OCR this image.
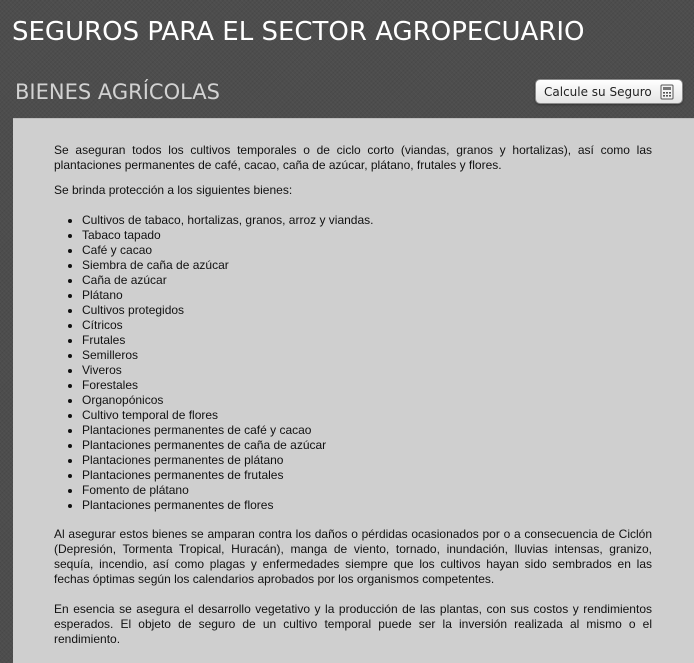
SEGUROS PARA EL SECTOR AGROPECUARIO
BIENES AGRÍCOLAS	Calcule su Seguro

Se aseguran todos los cultivos temporales o de ciclo corto (viandas, granos y hortalizas), así como las plantaciones permanentes de café, cacao, caña de azúcar, plátano, frutales y flores.

Se brinda protección a los siguientes bienes:

• Cultivos de tabaco, hortalizas, granos, arroz y viandas.
• Tabaco tapado
• Café y cacao
• Siembra de caña de azúcar
• Caña de azúcar
• Plátano
• Cultivos protegidos
• Cítricos
• Frutales
• Semilleros
• Viveros
• Forestales
• Organopónicos
• Cultivo temporal de flores
• Plantaciones permanentes de café y cacao
• Plantaciones permanentes de caña de azúcar
• Plantaciones permanentes de plátano
• Plantaciones permanentes de frutales
• Fomento de plátano
• Plantaciones permanentes de flores

Al asegurar estos bienes se amparan contra los daños o pérdidas ocasionados por o a consecuencia de Ciclón (Depresión, Tormenta Tropical, Huracán), manga de viento, tornado, inundación, lluvias intensas, granizo, sequía, incendio, así como plagas y enfermedades siempre que los cultivos hayan sido sembrados en las fechas óptimas según los calendarios aprobados por los organismos competentes.

En esencia se asegura el desarrollo vegetativo y la producción de las plantas, con sus costos y rendimientos esperados. El objeto de seguro de un cultivo temporal puede ser la inversión realizada al mismo o el rendimiento.
